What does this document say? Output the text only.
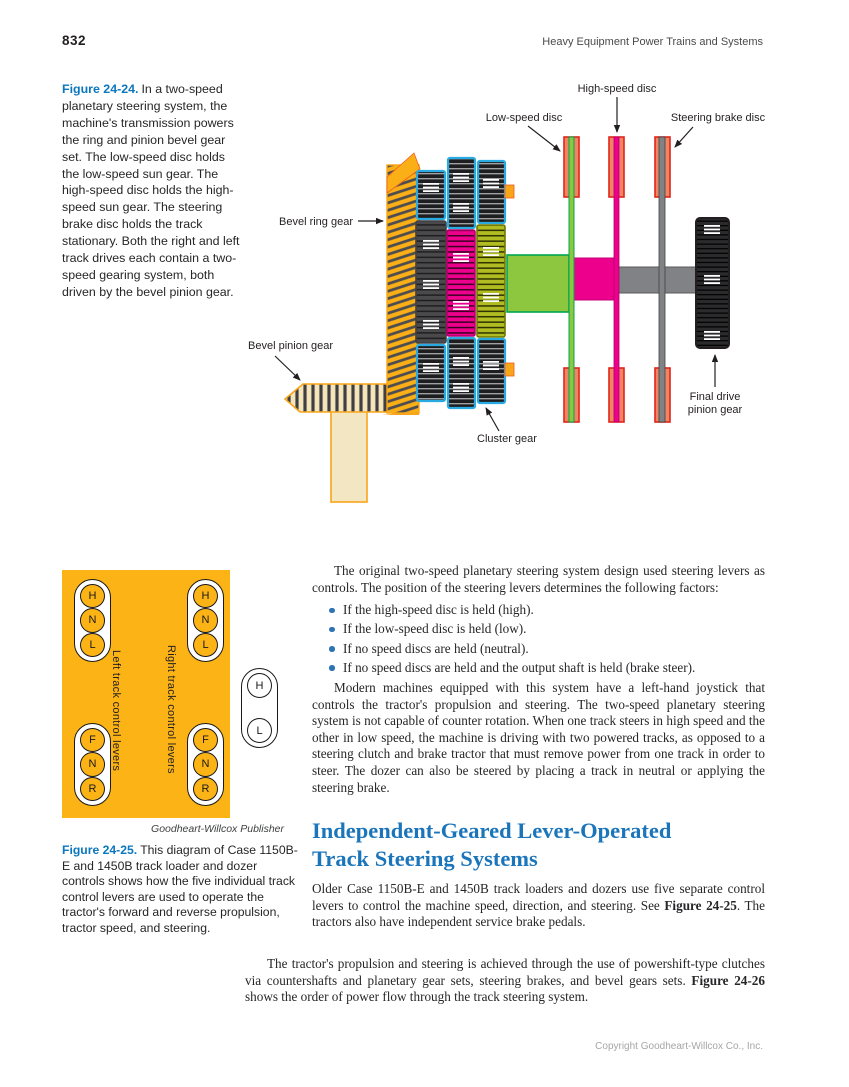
832	Heavy Equipment Power Trains and Systems
Figure 24-24. In a two-speed planetary steering system, the machine's transmission powers the ring and pinion bevel gear set. The low-speed disc holds the low-speed sun gear. The high-speed disc holds the high-speed sun gear. The steering brake disc holds the track stationary. Both the right and left track drives each contain a two-speed gearing system, both driven by the bevel pinion gear.
High-speed disc
Low-speed disc	Steering brake disc
Bevel ring gear
Bevel pinion gear
Cluster gear
Final drive
pinion gear
H
N
L
H
N
L
F
N
R
F
N
R
H
L
Left track control levers	Right track control levers
Goodheart-Willcox Publisher
Figure 24-25. This diagram of Case 1150B-E and 1450B track loader and dozer controls shows how the five individual track control levers are used to operate the tractor's forward and reverse propulsion, tractor speed, and steering.

The original two-speed planetary steering system design used steering levers as controls. The position of the steering levers determines the following factors:

If the high-speed disc is held (high).
If the low-speed disc is held (low).
If no speed discs are held (neutral).
If no speed discs are held and the output shaft is held (brake steer).

Modern machines equipped with this system have a left-hand joystick that controls the tractor's propulsion and steering. The two-speed planetary steering system is not capable of counter rotation. When one track steers in high speed and the other in low speed, the machine is driving with two powered tracks, as opposed to a steering clutch and brake tractor that must remove power from one track in order to steer. The dozer can also be steered by placing a track in neutral or applying the steering brake.

Independent-Geared Lever-Operated
Track Steering Systems

Older Case 1150B-E and 1450B track loaders and dozers use five separate control levers to control the machine speed, direction, and steering. See Figure 24-25. The tractors also have independent service brake pedals.

The tractor's propulsion and steering is achieved through the use of powershift-type clutches via countershafts and planetary gear sets, steering brakes, and bevel gears sets. Figure 24-26 shows the order of power flow through the track steering system.
Copyright Goodheart-Willcox Co., Inc.
